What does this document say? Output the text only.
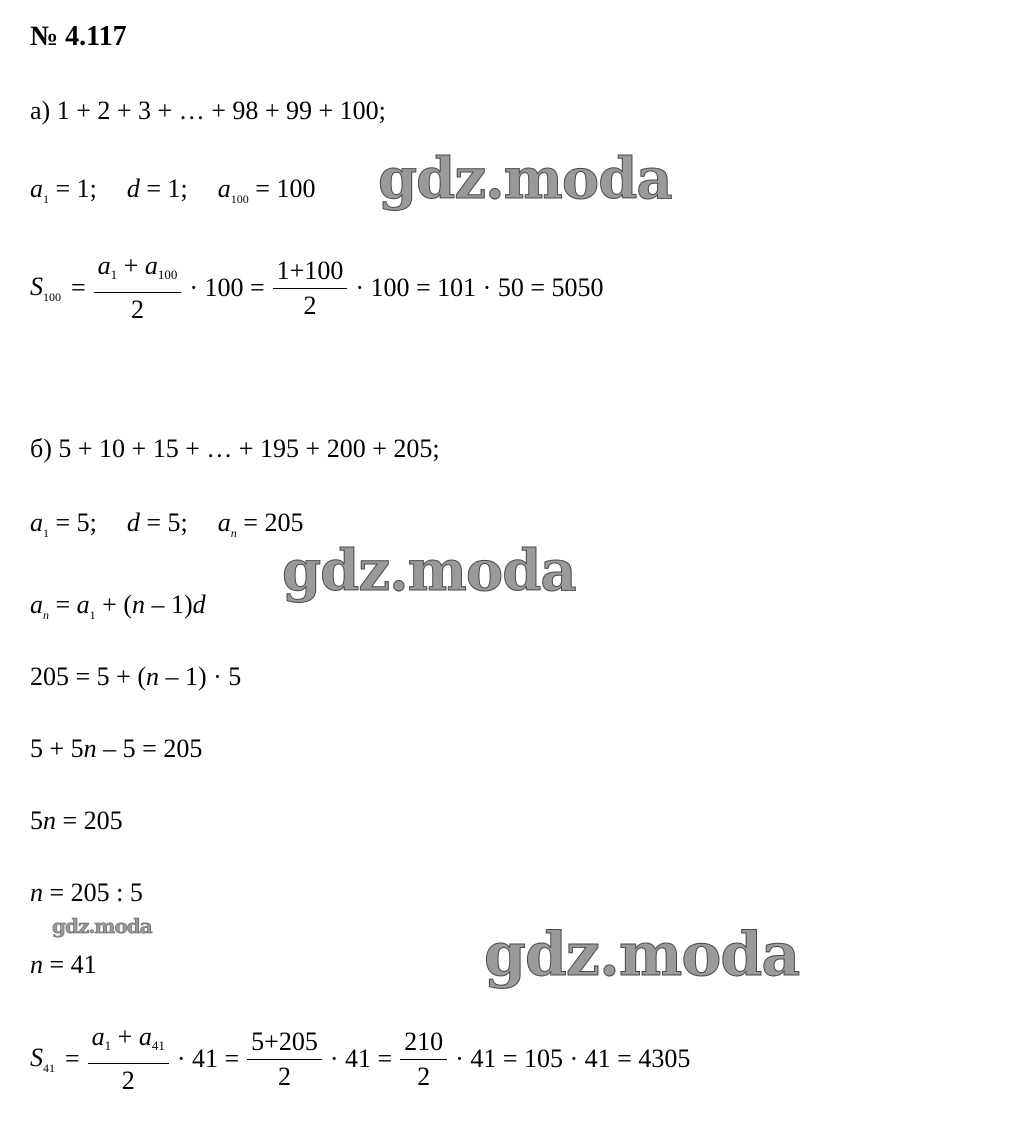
№ 4.117
а) 1 + 2 + 3 + … + 98 + 99 + 100;
$a_1 = 1$; d = 1; $a_{100} = 100$
$S_{100} = \frac{a_1 + a_{100}}{2} \cdot 100 = \frac{1+100}{2} \cdot 100 = 101 \cdot 50 = 5050$
б) 5 + 10 + 15 + … + 195 + 200 + 205;
$a_1 = 5$; d = 5; $a_n = 205$
$a_n = a_1 + (n - 1)d$
205 = 5 + (n – 1) · 5
5 + 5n – 5 = 205
5n = 205
n = 205 : 5
n = 41
$S_{41} = \frac{a_1 + a_{41}}{2} \cdot 41 = \frac{5+205}{2} \cdot 41 = \frac{210}{2} \cdot 41 = 105 \cdot 41 = 4305$
gdz.moda
gdz.moda
gdz.moda	gdz.moda
